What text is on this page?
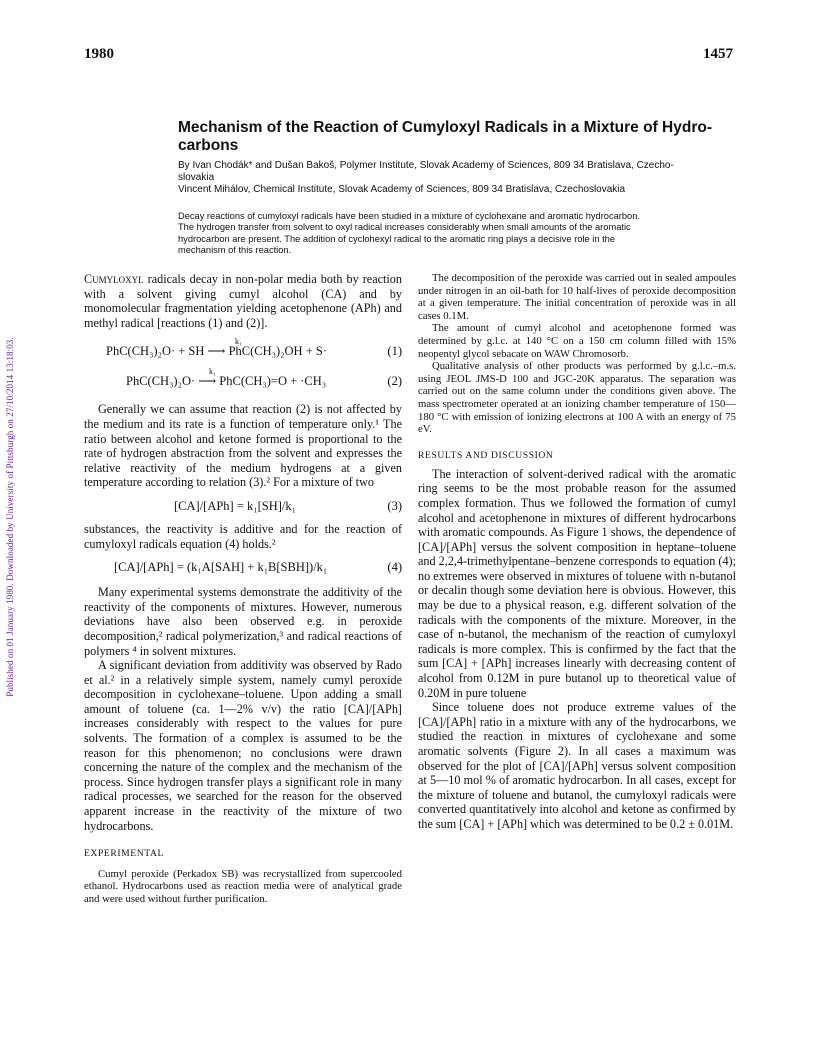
1980	1457
Published on 01 January 1980. Downloaded by University of Pittsburgh on 27/10/2014 13:18:03.
Mechanism of the Reaction of Cumyloxyl Radicals in a Mixture of Hydro-
carbons
By Ivan Chodák* and Dušan Bakoš, Polymer Institute, Slovak Academy of Sciences, 809 34 Bratislava, Czecho-
slovakia
Vincent Mihálov, Chemical Institute, Slovak Academy of Sciences, 809 34 Bratislava, Czechoslovakia
Decay reactions of cumyloxyl radicals have been studied in a mixture of cyclohexane and aromatic hydrocarbon.
The hydrogen transfer from solvent to oxyl radical increases considerably when small amounts of the aromatic
hydrocarbon are present. The addition of cyclohexyl radical to the aromatic ring plays a decisive role in the
mechanism of this reaction.

Cumyloxyl radicals decay in non-polar media both by reaction with a solvent giving cumyl alcohol (CA) and by monomolecular fragmentation yielding acetophenone (APh) and methyl radical [reactions (1) and (2)].

PhC(CH₃)₂O· + SH ⟶ PhC(CH₃)₂OH + S·
k₁
(1)
PhC(CH₃)₂O· ⟶ PhC(CH₃)=O + ·CH₃
k₁
(2)

Generally we can assume that reaction (2) is not affected by the medium and its rate is a function of temperature only.¹ The ratio between alcohol and ketone formed is proportional to the rate of hydrogen abstraction from the solvent and expresses the relative reactivity of the medium hydrogens at a given temperature according to relation (3).² For a mixture of two

[CA]/[APh] = k₁[SH]/k₁	(3)

substances, the reactivity is additive and for the reaction of cumyloxyl radicals equation (4) holds.²

[CA]/[APh] = (k₁A[SAH] + k₁B[SBH])/k₁	(4)

Many experimental systems demonstrate the additivity of the reactivity of the components of mixtures. However, numerous deviations have also been observed e.g. in peroxide decomposition,² radical polymerization,³ and radical reactions of polymers ⁴ in solvent mixtures.

A significant deviation from additivity was observed by Rado et al.² in a relatively simple system, namely cumyl peroxide decomposition in cyclohexane–toluene. Upon adding a small amount of toluene (ca. 1—2% v/v) the ratio [CA]/[APh] increases considerably with respect to the values for pure solvents. The formation of a complex is assumed to be the reason for this phenomenon; no conclusions were drawn concerning the nature of the complex and the mechanism of the process. Since hydrogen transfer plays a significant role in many radical processes, we searched for the reason for the observed apparent increase in the reactivity of the mixture of two hydrocarbons.

EXPERIMENTAL

Cumyl peroxide (Perkadox SB) was recrystallized from supercooled ethanol. Hydrocarbons used as reaction media were of analytical grade and were used without further purification.

The decomposition of the peroxide was carried out in sealed ampoules under nitrogen in an oil-bath for 10 half-lives of peroxide decomposition at a given temperature. The initial concentration of peroxide was in all cases 0.1M.

The amount of cumyl alcohol and acetophenone formed was determined by g.l.c. at 140 °C on a 150 cm column filled with 15% neopentyl glycol sebacate on WAW Chromosorb.

Qualitative analysis of other products was performed by g.l.c.–m.s. using JEOL JMS-D 100 and JGC-20K apparatus. The separation was carried out on the same column under the conditions given above. The mass spectrometer operated at an ionizing chamber temperature of 150—180 °C with emission of ionizing electrons at 100 A with an energy of 75 eV.

RESULTS AND DISCUSSION

The interaction of solvent-derived radical with the aromatic ring seems to be the most probable reason for the assumed complex formation. Thus we followed the formation of cumyl alcohol and acetophenone in mixtures of different hydrocarbons with aromatic compounds. As Figure 1 shows, the dependence of [CA]/[APh] versus the solvent composition in heptane–toluene and 2,2,4-trimethylpentane–benzene corresponds to equation (4); no extremes were observed in mixtures of toluene with n-butanol or decalin though some deviation here is obvious. However, this may be due to a physical reason, e.g. different solvation of the radicals with the components of the mixture. Moreover, in the case of n-butanol, the mechanism of the reaction of cumyloxyl radicals is more complex. This is confirmed by the fact that the sum [CA] + [APh] increases linearly with decreasing content of alcohol from 0.12M in pure butanol up to theoretical value of 0.20M in pure toluene

Since toluene does not produce extreme values of the [CA]/[APh] ratio in a mixture with any of the hydrocarbons, we studied the reaction in mixtures of cyclohexane and some aromatic solvents (Figure 2). In all cases a maximum was observed for the plot of [CA]/[APh] versus solvent composition at 5—10 mol % of aromatic hydrocarbon. In all cases, except for the mixture of toluene and butanol, the cumyloxyl radicals were converted quantitatively into alcohol and ketone as confirmed by the sum [CA] + [APh] which was determined to be 0.2 ± 0.01M.
